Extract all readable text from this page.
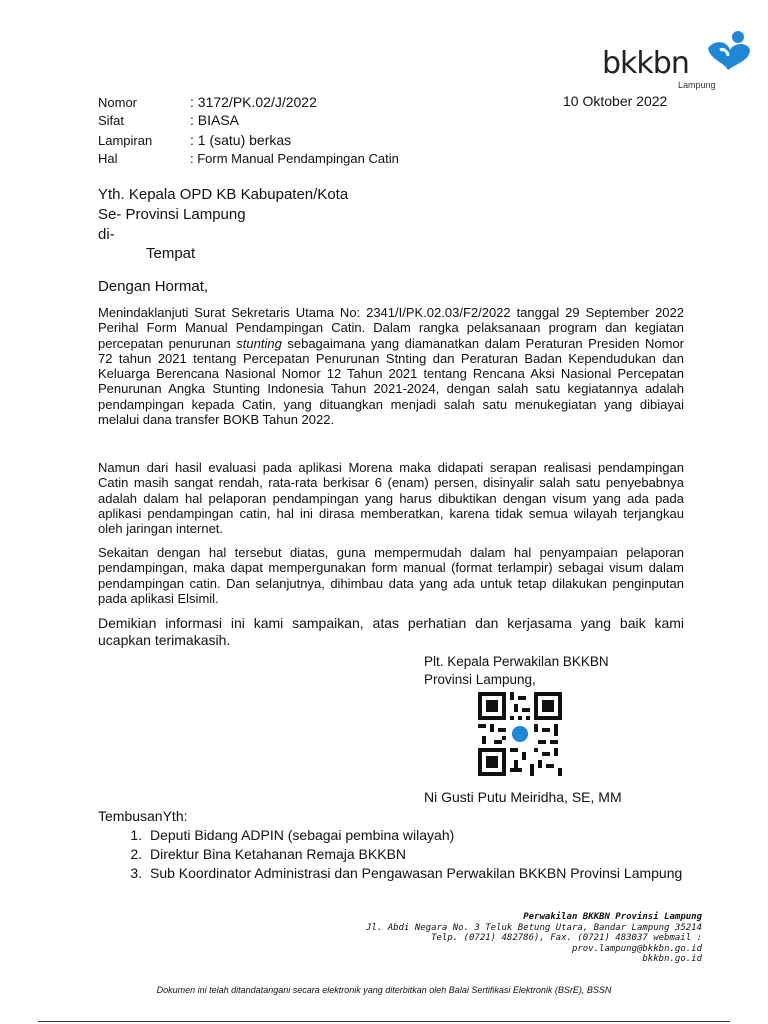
bkkbn
Lampung
Nomor	: 3172/PK.02/J/2022	10 Oktober 2022
Sifat	: BIASA
Lampiran	: 1 (satu) berkas
Hal	: Form Manual Pendampingan Catin
Yth. Kepala OPD KB Kabupaten/Kota
Se- Provinsi Lampung
di-
Tempat
Dengan Hormat,
Menindaklanjuti Surat Sekretaris Utama No: 2341/I/PK.02.03/F2/2022 tanggal 29 September 2022 Perihal Form Manual Pendampingan Catin. Dalam rangka pelaksanaan program dan kegiatan percepatan penurunan stunting sebagaimana yang diamanatkan dalam Peraturan Presiden Nomor 72 tahun 2021 tentang Percepatan Penurunan Stnting dan Peraturan Badan Kependudukan dan Keluarga Berencana Nasional Nomor 12 Tahun 2021 tentang Rencana Aksi Nasional Percepatan Penurunan Angka Stunting Indonesia Tahun 2021-2024, dengan salah satu kegiatannya adalah pendampingan kepada Catin, yang dituangkan menjadi salah satu menukegiatan yang dibiayai melalui dana transfer BOKB Tahun 2022.
Namun dari hasil evaluasi pada aplikasi Morena maka didapati serapan realisasi pendampingan Catin masih sangat rendah, rata-rata berkisar 6 (enam) persen, disinyalir salah satu penyebabnya adalah dalam hal pelaporan pendampingan yang harus dibuktikan dengan visum yang ada pada aplikasi pendampingan catin, hal ini dirasa memberatkan, karena tidak semua wilayah terjangkau oleh jaringan internet.
Sekaitan dengan hal tersebut diatas, guna mempermudah dalam hal penyampaian pelaporan pendampingan, maka dapat mempergunakan form manual (format terlampir) sebagai visum dalam pendampingan catin. Dan selanjutnya, dihimbau data yang ada untuk tetap dilakukan penginputan pada aplikasi Elsimil.
Demikian informasi ini kami sampaikan, atas perhatian dan kerjasama yang baik kami ucapkan terimakasih.
Plt. Kepala Perwakilan BKKBN
Provinsi Lampung,
Ni Gusti Putu Meiridha, SE, MM
TembusanYth:
1. Deputi Bidang ADPIN (sebagai pembina wilayah)
2. Direktur Bina Ketahanan Remaja BKKBN
3. Sub Koordinator Administrasi dan Pengawasan Perwakilan BKKBN Provinsi Lampung
Perwakilan BKKBN Provinsi Lampung
Jl. Abdi Negara No. 3 Teluk Betung Utara, Bandar Lampung 35214
Telp. (0721) 482786), Fax. (0721) 483037 webmail :
prov.lampung@bkkbn.go.id
bkkbn.go.id
Dokumen ini telah ditandatangani secara elektronik yang diterbitkan oleh Balai Sertifikasi Elektronik (BSrE), BSSN
